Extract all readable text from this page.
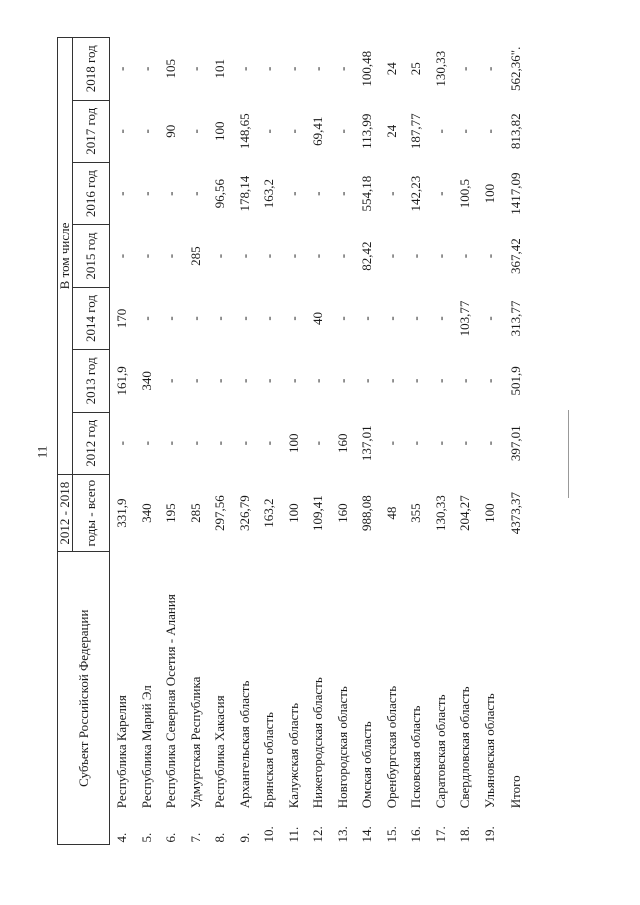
11
Субъект Российской Федерации		2012 - 2018	В том числе						
		годы - всего	2012 год	2013 год	2014 год	2015 год	2016 год	2017 год	2018 год
4.	Республика Карелия	331,9	-	161,9	170	-	-	-	-
5.	Республика Марий Эл	340	-	340	-	-	-	-	-
6.	Республика Северная Осетия - Алания	195	-	-	-	-	-	90	105
7.	Удмуртская Республика	285	-	-	-	285	-	-	-
8.	Республика Хакасия	297,56	-	-	-	-	96,56	100	101
9.	Архангельская область	326,79	-	-	-	-	178,14	148,65	-
10.	Брянская область	163,2	-	-	-	-	163,2	-	-
11.	Калужская область	100	100	-	-	-	-	-	-
12.	Нижегородская область	109,41	-	-	40	-	-	69,41	-
13.	Новгородская область	160	160	-	-	-	-	-	-
14.	Омская область	988,08	137,01	-	-	82,42	554,18	113,99	100,48
15.	Оренбургская область	48	-	-	-	-	-	24	24
16.	Псковская область	355	-	-	-	-	142,23	187,77	25
17.	Саратовская область	130,33	-	-	-	-	-	-	130,33
18.	Свердловская область	204,27	-	-	103,77	-	100,5	-	-
19.	Ульяновская область	100	-	-	-	-	100	-	-
	Итого	4373,37	397,01	501,9	313,77	367,42	1417,09	813,82	562,36".
